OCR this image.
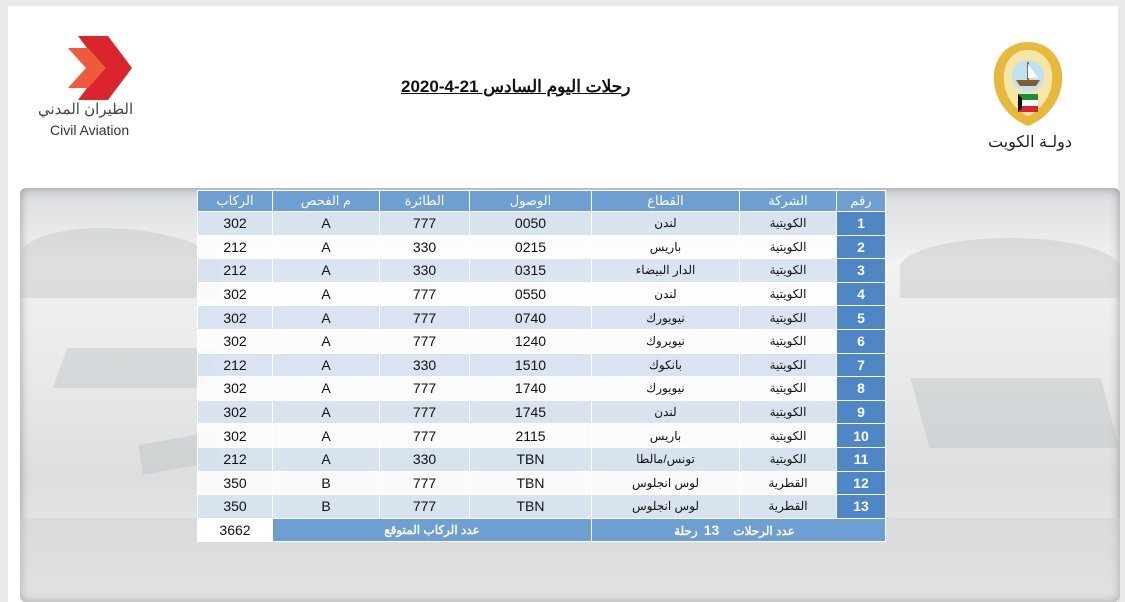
الطيران المدني
Civil Aviation
رحلات اليوم السادس 21-4-2020
دولـة الكويت
رقم	الشركة	القطاع	الوصول	الطائرة	م الفحص	الركاب
1	الكويتية	لندن	0050	777	A	302
2	الكويتية	باريس	0215	330	A	212
3	الكويتية	الدار البيضاء	0315	330	A	212
4	الكويتية	لندن	0550	777	A	302
5	الكويتية	نيويورك	0740	777	A	302
6	الكويتية	نيويروك	1240	777	A	302
7	الكويتية	بانكوك	1510	330	A	212
8	الكويتية	نيويورك	1740	777	A	302
9	الكويتية	لندن	1745	777	A	302
10	الكويتية	باريس	2115	777	A	302
11	الكويتية	تونس/مالطا	TBN	330	A	212
12	القطرية	لوس انجلوس	TBN	777	B	350
13	القطرية	لوس انجلوس	TBN	777	B	350
عدد الرحلات13رحلة			عدد الركاب المتوقع			3662
